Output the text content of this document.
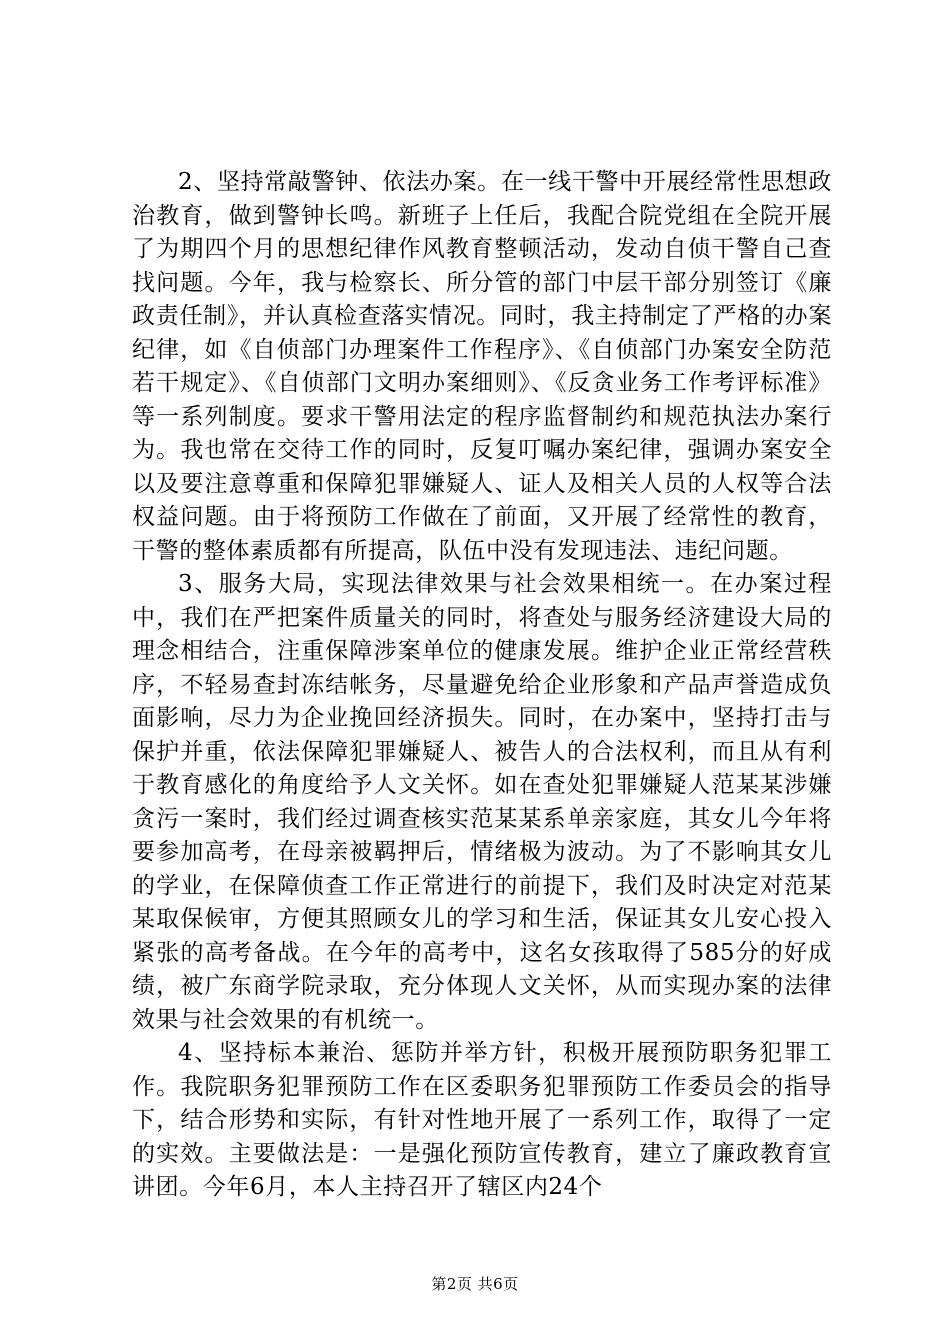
2、坚持常敲警钟、依法办案。在一线干警中开展经常性思想政治教育，做到警钟长鸣。新班子上任后，我配合院党组在全院开展了为期四个月的思想纪律作风教育整顿活动，发动自侦干警自己查找问题。今年，我与检察长、所分管的部门中层干部分别签订《廉政责任制》，并认真检查落实情况。同时，我主持制定了严格的办案纪律，如《自侦部门办理案件工作程序》、《自侦部门办案安全防范若干规定》、《自侦部门文明办案细则》、《反贪业务工作考评标准》等一系列制度。要求干警用法定的程序监督制约和规范执法办案行为。我也常在交待工作的同时，反复叮嘱办案纪律，强调办案安全以及要注意尊重和保障犯罪嫌疑人、证人及相关人员的人权等合法权益问题。由于将预防工作做在了前面，又开展了经常性的教育，干警的整体素质都有所提高，队伍中没有发现违法、违纪问题。

3、服务大局，实现法律效果与社会效果相统一。在办案过程中，我们在严把案件质量关的同时，将查处与服务经济建设大局的理念相结合，注重保障涉案单位的健康发展。维护企业正常经营秩序，不轻易查封冻结帐务，尽量避免给企业形象和产品声誉造成负面影响，尽力为企业挽回经济损失。同时，在办案中，坚持打击与保护并重，依法保障犯罪嫌疑人、被告人的合法权利，而且从有利于教育感化的角度给予人文关怀。如在查处犯罪嫌疑人范某某涉嫌贪污一案时，我们经过调查核实范某某系单亲家庭，其女儿今年将要参加高考，在母亲被羁押后，情绪极为波动。为了不影响其女儿的学业，在保障侦查工作正常进行的前提下，我们及时决定对范某某取保候审，方便其照顾女儿的学习和生活，保证其女儿安心投入紧张的高考备战。在今年的高考中，这名女孩取得了585分的好成绩，被广东商学院录取，充分体现人文关怀，从而实现办案的法律效果与社会效果的有机统一。

4、坚持标本兼治、惩防并举方针，积极开展预防职务犯罪工作。我院职务犯罪预防工作在区委职务犯罪预防工作委员会的指导下，结合形势和实际，有针对性地开展了一系列工作，取得了一定的实效。主要做法是：一是强化预防宣传教育，建立了廉政教育宣讲团。今年6月，本人主持召开了辖区内24个

第2页 共6页
